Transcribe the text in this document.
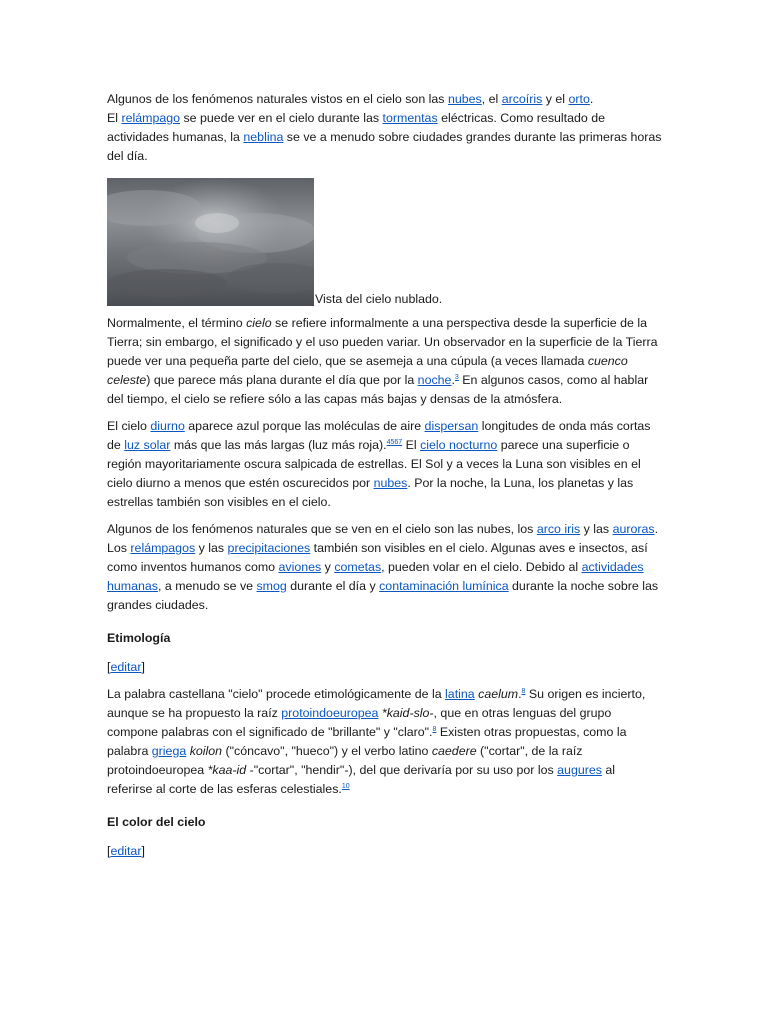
Algunos de los fenómenos naturales vistos en el cielo son las nubes, el arcoíris y el orto.
El relámpago se puede ver en el cielo durante las tormentas eléctricas. Como resultado de actividades humanas, la neblina se ve a menudo sobre ciudades grandes durante las primeras horas del día.

Vista del cielo nublado.

Normalmente, el término cielo se refiere informalmente a una perspectiva desde la superficie de la Tierra; sin embargo, el significado y el uso pueden variar. Un observador en la superficie de la Tierra puede ver una pequeña parte del cielo, que se asemeja a una cúpula (a veces llamada cuenco celeste) que parece más plana durante el día que por la noche.$^3$ En algunos casos, como al hablar del tiempo, el cielo se refiere sólo a las capas más bajas y densas de la atmósfera.

El cielo diurno aparece azul porque las moléculas de aire dispersan longitudes de onda más cortas de luz solar más que las más largas (luz más roja).$^{4567}$ El cielo nocturno parece una superficie o región mayoritariamente oscura salpicada de estrellas. El Sol y a veces la Luna son visibles en el cielo diurno a menos que estén oscurecidos por nubes. Por la noche, la Luna, los planetas y las estrellas también son visibles en el cielo.

Algunos de los fenómenos naturales que se ven en el cielo son las nubes, los arco iris y las auroras. Los relámpagos y las precipitaciones también son visibles en el cielo. Algunas aves e insectos, así como inventos humanos como aviones y cometas, pueden volar en el cielo. Debido al actividades humanas, a menudo se ve smog durante el día y contaminación lumínica durante la noche sobre las grandes ciudades.

Etimología

[editar]

La palabra castellana "cielo" procede etimológicamente de la latina caelum.$^8$ Su origen es incierto, aunque se ha propuesto la raíz protoindoeuropea *kaid-slo-, que en otras lenguas del grupo compone palabras con el significado de "brillante" y "claro".$^8$ Existen otras propuestas, como la palabra griega koilon ("cóncavo", "hueco") y el verbo latino caedere ("cortar", de la raíz protoindoeuropea *kaa-id -"cortar", "hendir"-), del que derivaría por su uso por los augures al referirse al corte de las esferas celestiales.$^{10}$

El color del cielo

[editar]
